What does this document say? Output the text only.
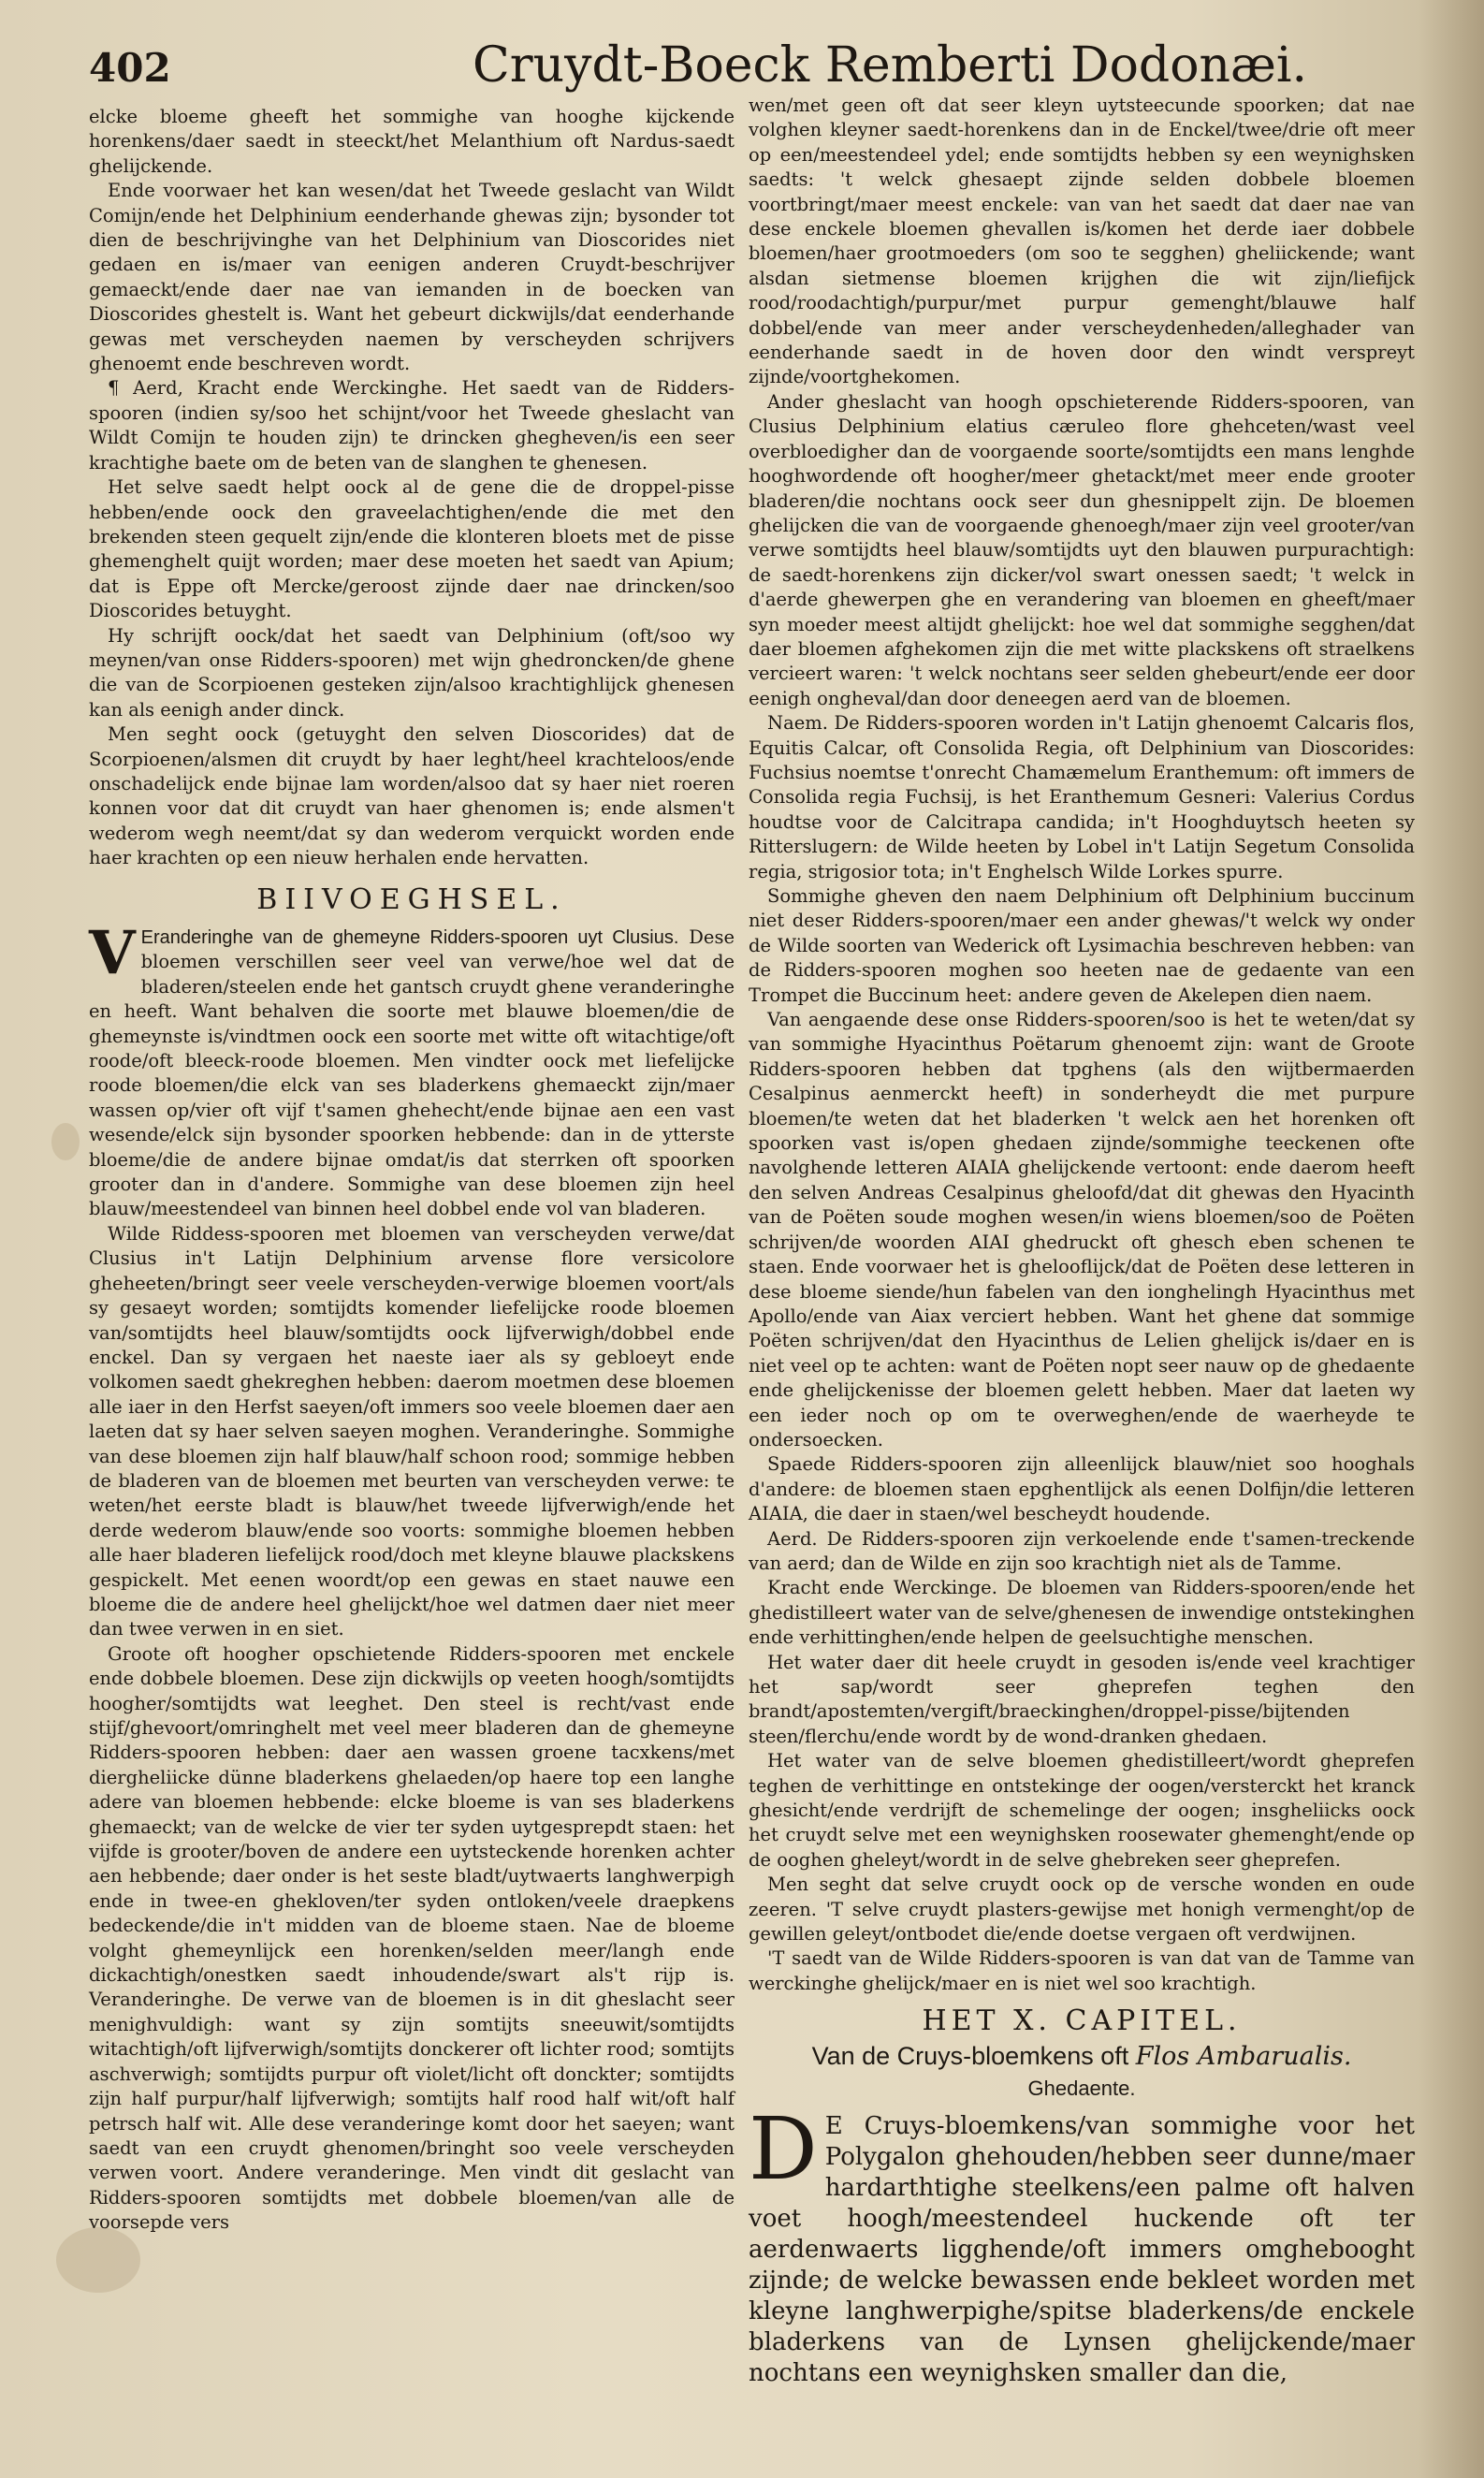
402	Cruydt-Boeck Remberti Dodonæi.

elcke bloeme gheeft het sommighe van hooghe kijckende horenkens/daer saedt in steeckt/het Melanthium oft Nardus-saedt ghelijckende.

Ende voorwaer het kan wesen/dat het Tweede geslacht van Wildt Comijn/ende het Delphinium eenderhande ghewas zijn; bysonder tot dien de beschrijvinghe van het Delphinium van Dioscorides niet gedaen en is/maer van eenigen anderen Cruydt-beschrijver gemaeckt/ende daer nae van iemanden in de boecken van Dioscorides ghestelt is. Want het gebeurt dickwijls/dat eenderhande gewas met verscheyden naemen by verscheyden schrijvers ghenoemt ende beschreven wordt.

¶ Aerd, Kracht ende Werckinghe. Het saedt van de Ridders-spooren (indien sy/soo het schijnt/voor het Tweede gheslacht van Wildt Comijn te houden zijn) te drincken ghegheven/is een seer krachtighe baete om de beten van de slanghen te ghenesen.

Het selve saedt helpt oock al de gene die de droppel-pisse hebben/ende oock den graveelachtighen/ende die met den brekenden steen gequelt zijn/ende die klonteren bloets met de pisse ghemenghelt quijt worden; maer dese moeten het saedt van Apium; dat is Eppe oft Mercke/geroost zijnde daer nae drincken/soo Dioscorides betuyght.

Hy schrijft oock/dat het saedt van Delphinium (oft/soo wy meynen/van onse Ridders-spooren) met wijn ghedroncken/de ghene die van de Scorpioenen gesteken zijn/alsoo krachtighlijck ghenesen kan als eenigh ander dinck.

Men seght oock (getuyght den selven Dioscorides) dat de Scorpioenen/alsmen dit cruydt by haer leght/heel krachteloos/ende onschadelijck ende bijnae lam worden/alsoo dat sy haer niet roeren konnen voor dat dit cruydt van haer ghenomen is; ende alsmen't wederom wegh neemt/dat sy dan wederom verquickt worden ende haer krachten op een nieuw herhalen ende hervatten.

BIIVOEGHSEL.

V Eranderinghe van de ghemeyne Ridders-spooren uyt Clusius. Dese bloemen verschillen seer veel van verwe/hoe wel dat de bladeren/steelen ende het gantsch cruydt ghene veranderinghe en heeft. Want behalven die soorte met blauwe bloemen/die de ghemeynste is/vindtmen oock een soorte met witte oft witachtige/oft roode/oft bleeck-roode bloemen. Men vindter oock met liefelijcke roode bloemen/die elck van ses bladerkens ghemaeckt zijn/maer wassen op/vier oft vijf t'samen ghehecht/ende bijnae aen een vast wesende/elck sijn bysonder spoorken hebbende: dan in de ytterste bloeme/die de andere bijnae omdat/is dat sterrken oft spoorken grooter dan in d'andere. Sommighe van dese bloemen zijn heel blauw/meestendeel van binnen heel dobbel ende vol van bladeren.

Wilde Riddess-spooren met bloemen van verscheyden verwe/dat Clusius in't Latijn Delphinium arvense flore versicolore gheheeten/bringt seer veele verscheyden-verwige bloemen voort/als sy gesaeyt worden; somtijdts komender liefelijcke roode bloemen van/somtijdts heel blauw/somtijdts oock lijfverwigh/dobbel ende enckel. Dan sy vergaen het naeste iaer als sy gebloeyt ende volkomen saedt ghekreghen hebben: daerom moetmen dese bloemen alle iaer in den Herfst saeyen/oft immers soo veele bloemen daer aen laeten dat sy haer selven saeyen moghen. Veranderinghe. Sommighe van dese bloemen zijn half blauw/half schoon rood; sommige hebben de bladeren van de bloemen met beurten van verscheyden verwe: te weten/het eerste bladt is blauw/het tweede lijfverwigh/ende het derde wederom blauw/ende soo voorts: sommighe bloemen hebben alle haer bladeren liefelijck rood/doch met kleyne blauwe plackskens gespickelt. Met eenen woordt/op een gewas en staet nauwe een bloeme die de andere heel ghelijckt/hoe wel datmen daer niet meer dan twee verwen in en siet.

Groote oft hoogher opschietende Ridders-spooren met enckele ende dobbele bloemen. Dese zijn dickwijls op veeten hoogh/somtijdts hoogher/somtijdts wat leeghet. Den steel is recht/vast ende stijf/ghevoort/omringhelt met veel meer bladeren dan de ghemeyne Ridders-spooren hebben: daer aen wassen groene tacxkens/met diergheliicke dünne bladerkens ghelaeden/op haere top een langhe adere van bloemen hebbende: elcke bloeme is van ses bladerkens ghemaeckt; van de welcke de vier ter syden uytgesprepdt staen: het vijfde is grooter/boven de andere een uytsteckende horenken achter aen hebbende; daer onder is het seste bladt/uytwaerts langhwerpigh ende in twee-en ghekloven/ter syden ontloken/veele draepkens bedeckende/die in't midden van de bloeme staen. Nae de bloeme volght ghemeynlijck een horenken/selden meer/langh ende dickachtigh/onestken saedt inhoudende/swart als't rijp is. Veranderinghe. De verwe van de bloemen is in dit gheslacht seer menighvuldigh: want sy zijn somtijts sneeuwit/somtijdts witachtigh/oft lijfverwigh/somtijts donckerer oft lichter rood; somtijts aschverwigh; somtijdts purpur oft violet/licht oft donckter; somtijdts zijn half purpur/half lijfverwigh; somtijts half rood half wit/oft half petrsch half wit. Alle dese veranderinge komt door het saeyen; want saedt van een cruydt ghenomen/bringht soo veele verscheyden verwen voort. Andere veranderinge. Men vindt dit geslacht van Ridders-spooren somtijdts met dobbele bloemen/van alle de voorsepde vers

wen/met geen oft dat seer kleyn uytsteecunde spoorken; dat nae volghen kleyner saedt-horenkens dan in de Enckel/twee/drie oft meer op een/meestendeel ydel; ende somtijdts hebben sy een weynighsken saedts: 't welck ghesaept zijnde selden dobbele bloemen voortbringt/maer meest enckele: van van het saedt dat daer nae van dese enckele bloemen ghevallen is/komen het derde iaer dobbele bloemen/haer grootmoeders (om soo te segghen) gheliickende; want alsdan sietmense bloemen krijghen die wit zijn/liefijck rood/roodachtigh/purpur/met purpur gemenght/blauwe half dobbel/ende van meer ander verscheydenheden/alleghader van eenderhande saedt in de hoven door den windt verspreyt zijnde/voortghekomen.

Ander gheslacht van hoogh opschieterende Ridders-spooren, van Clusius Delphinium elatius cæruleo flore ghehceten/wast veel overbloedigher dan de voorgaende soorte/somtijdts een mans lenghde hooghwordende oft hoogher/meer ghetackt/met meer ende grooter bladeren/die nochtans oock seer dun ghesnippelt zijn. De bloemen ghelijcken die van de voorgaende ghenoegh/maer zijn veel grooter/van verwe somtijdts heel blauw/somtijdts uyt den blauwen purpurachtigh: de saedt-horenkens zijn dicker/vol swart onessen saedt; 't welck in d'aerde ghewerpen ghe en verandering van bloemen en gheeft/maer syn moeder meest altijdt ghelijckt: hoe wel dat sommighe segghen/dat daer bloemen afghekomen zijn die met witte plackskens oft straelkens vercieert waren: 't welck nochtans seer selden ghebeurt/ende eer door eenigh ongheval/dan door deneegen aerd van de bloemen.

Naem. De Ridders-spooren worden in't Latijn ghenoemt Calcaris flos, Equitis Calcar, oft Consolida Regia, oft Delphinium van Dioscorides: Fuchsius noemtse t'onrecht Chamæmelum Eranthemum: oft immers de Consolida regia Fuchsij, is het Eranthemum Gesneri: Valerius Cordus houdtse voor de Calcitrapa candida; in't Hooghduytsch heeten sy Ritterslugern: de Wilde heeten by Lobel in't Latijn Segetum Consolida regia, strigosior tota; in't Enghelsch Wilde Lorkes spurre.

Sommighe gheven den naem Delphinium oft Delphinium buccinum niet deser Ridders-spooren/maer een ander ghewas/'t welck wy onder de Wilde soorten van Wederick oft Lysimachia beschreven hebben: van de Ridders-spooren moghen soo heeten nae de gedaente van een Trompet die Buccinum heet: andere geven de Akelepen dien naem.

Van aengaende dese onse Ridders-spooren/soo is het te weten/dat sy van sommighe Hyacinthus Poëtarum ghenoemt zijn: want de Groote Ridders-spooren hebben dat tpghens (als den wijtbermaerden Cesalpinus aenmerckt heeft) in sonderheydt die met purpure bloemen/te weten dat het bladerken 't welck aen het horenken oft spoorken vast is/open ghedaen zijnde/sommighe teeckenen ofte navolghende letteren AIAIA ghelijckende vertoont: ende daerom heeft den selven Andreas Cesalpinus gheloofd/dat dit ghewas den Hyacinth van de Poëten soude moghen wesen/in wiens bloemen/soo de Poëten schrijven/de woorden AIAI ghedruckt oft ghesch eben schenen te staen. Ende voorwaer het is ghelooflijck/dat de Poëten dese letteren in dese bloeme siende/hun fabelen van den ionghelingh Hyacinthus met Apollo/ende van Aiax verciert hebben. Want het ghene dat sommige Poëten schrijven/dat den Hyacinthus de Lelien ghelijck is/daer en is niet veel op te achten: want de Poëten nopt seer nauw op de ghedaente ende ghelijckenisse der bloemen gelett hebben. Maer dat laeten wy een ieder noch op om te overweghen/ende de waerheyde te ondersoecken.

Spaede Ridders-spooren zijn alleenlijck blauw/niet soo hooghals d'andere: de bloemen staen epghentlijck als eenen Dolfijn/die letteren AIAIA, die daer in staen/wel bescheydt houdende.

Aerd. De Ridders-spooren zijn verkoelende ende t'samen-treckende van aerd; dan de Wilde en zijn soo krachtigh niet als de Tamme.

Kracht ende Werckinge. De bloemen van Ridders-spooren/ende het ghedistilleert water van de selve/ghenesen de inwendige ontstekinghen ende verhittinghen/ende helpen de geelsuchtighe menschen.

Het water daer dit heele cruydt in gesoden is/ende veel krachtiger het sap/wordt seer gheprefen teghen den brandt/apostemten/vergift/braeckinghen/droppel-pisse/bijtenden steen/flerchu/ende wordt by de wond-dranken ghedaen.

Het water van de selve bloemen ghedistilleert/wordt gheprefen teghen de verhittinge en ontstekinge der oogen/versterckt het kranck ghesicht/ende verdrijft de schemelinge der oogen; insgheliicks oock het cruydt selve met een weynighsken roosewater ghemenght/ende op de ooghen gheleyt/wordt in de selve ghebreken seer gheprefen.

Men seght dat selve cruydt oock op de versche wonden en oude zeeren. 'T selve cruydt plasters-gewijse met honigh vermenght/op de gewillen geleyt/ontbodet die/ende doetse vergaen oft verdwijnen.

'T saedt van de Wilde Ridders-spooren is van dat van de Tamme van werckinghe ghelijck/maer en is niet wel soo krachtigh.

HET X. CAPITEL.

Van de Cruys-bloemkens oft Flos Ambarualis.

Ghedaente.

D E Cruys-bloemkens/van sommighe voor het Polygalon ghehouden/hebben seer dunne/maer hardarthtighe steelkens/een palme oft halven voet hoogh/meestendeel huckende oft ter aerdenwaerts ligghende/oft immers omghebooght zijnde; de welcke bewassen ende bekleet worden met kleyne langhwerpighe/spitse bladerkens/de enckele bladerkens van de Lynsen ghelijckende/maer nochtans een weynighsken smaller dan die,
